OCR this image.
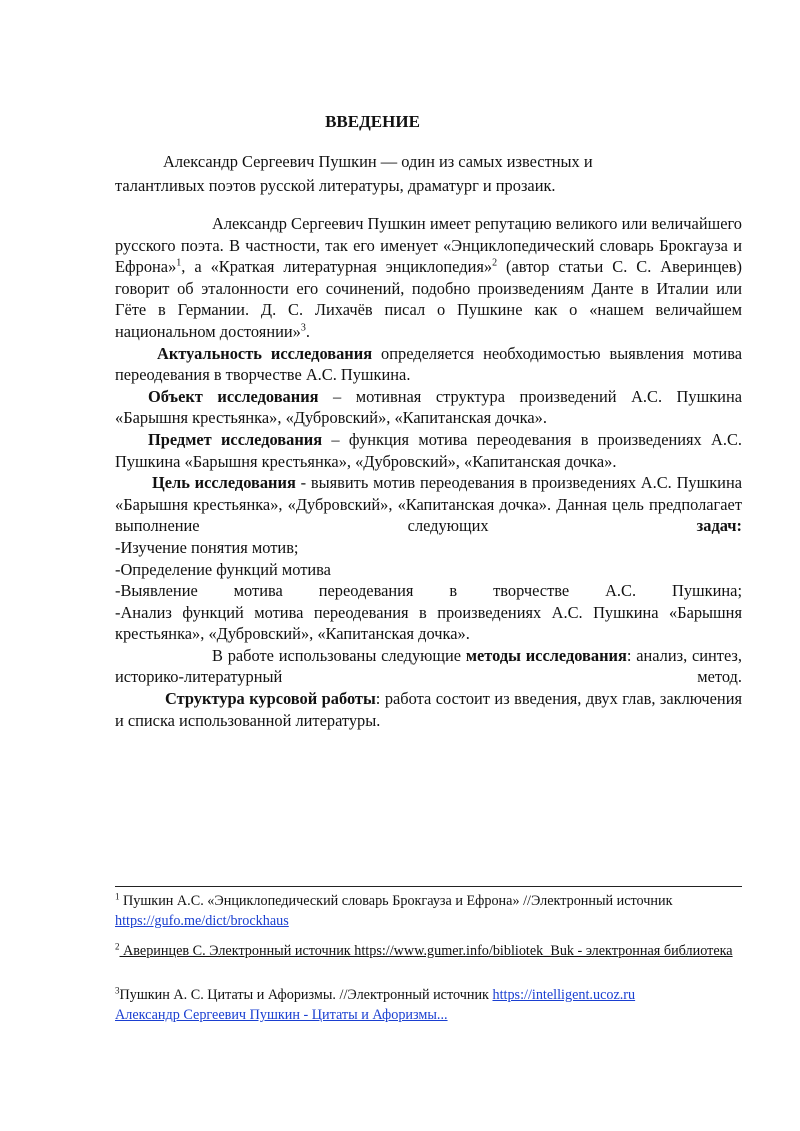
ВВЕДЕНИЕ

Александр Сергеевич Пушкин — один из самых известных и

талантливых поэтов русской литературы, драматург и прозаик.

Александр Сергеевич Пушкин имеет репутацию великого или величайшего русского поэта. В частности, так его именует «Энциклопедический словарь Брокгауза и Ефрона»$^1$, а «Краткая литературная энциклопедия»$^2$ (автор статьи С. С. Аверинцев) говорит об эталонности его сочинений, подобно произведениям Данте в Италии или Гёте в Германии. Д. С. Лихачёв писал о Пушкине как о «нашем величайшем национальном достоянии»$^3$.

Актуальность исследования определяется необходимостью выявления мотива переодевания в творчестве А.С. Пушкина.

Объект исследования – мотивная структура произведений А.С. Пушкина «Барышня крестьянка», «Дубровский», «Капитанская дочка».

Предмет исследования – функция мотива переодевания в произведениях А.С. Пушкина «Барышня крестьянка», «Дубровский», «Капитанская дочка».

Цель исследования - выявить мотив переодевания в произведениях А.С. Пушкина «Барышня крестьянка», «Дубровский», «Капитанская дочка». Данная цель предполагает выполнение следующих задач:

-Изучение понятия мотив;

-Определение функций мотива

-Выявление мотива переодевания в творчестве А.С. Пушкина;

-Анализ функций мотива переодевания в произведениях А.С. Пушкина «Барышня крестьянка», «Дубровский», «Капитанская дочка».

В работе использованы следующие методы исследования: анализ, синтез, историко-литературный метод.

Структура курсовой работы: работа состоит из введения, двух глав, заключения и списка использованной литературы.

$^1$ Пушкин А.С. «Энциклопедический словарь Брокгауза и Ефрона» //Электронный источник https://gufo.me/dict/brockhaus

$^2$ Аверинцев С. Электронный источник https://www.gumer.info/bibliotek_Buk - электронная библиотека

$^3$Пушкин А. С. Цитаты и Афоризмы. //Электронный источник https://intelligent.ucoz.ru
Александр Сергеевич Пушкин - Цитаты и Афоризмы...
